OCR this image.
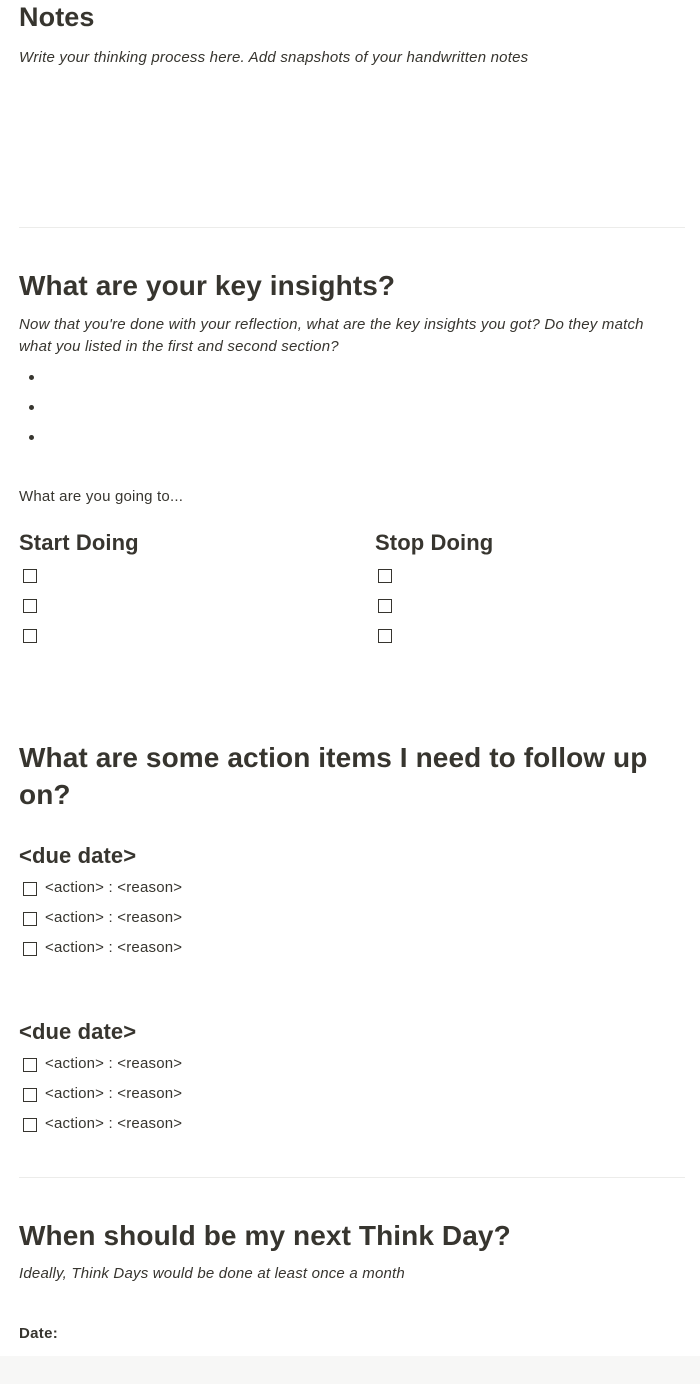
Notes

Write your thinking process here. Add snapshots of your handwritten notes

What are your key insights?

Now that you're done with your reflection, what are the key insights you got? Do they match what you listed in the first and second section?

What are you going to...

Start Doing	Stop Doing
What are some action items I need to follow up on?
<due date>
<action> : <reason>
<action> : <reason>
<action> : <reason>
<due date>
<action> : <reason>
<action> : <reason>
<action> : <reason>
When should be my next Think Day?

Ideally, Think Days would be done at least once a month

Date:
